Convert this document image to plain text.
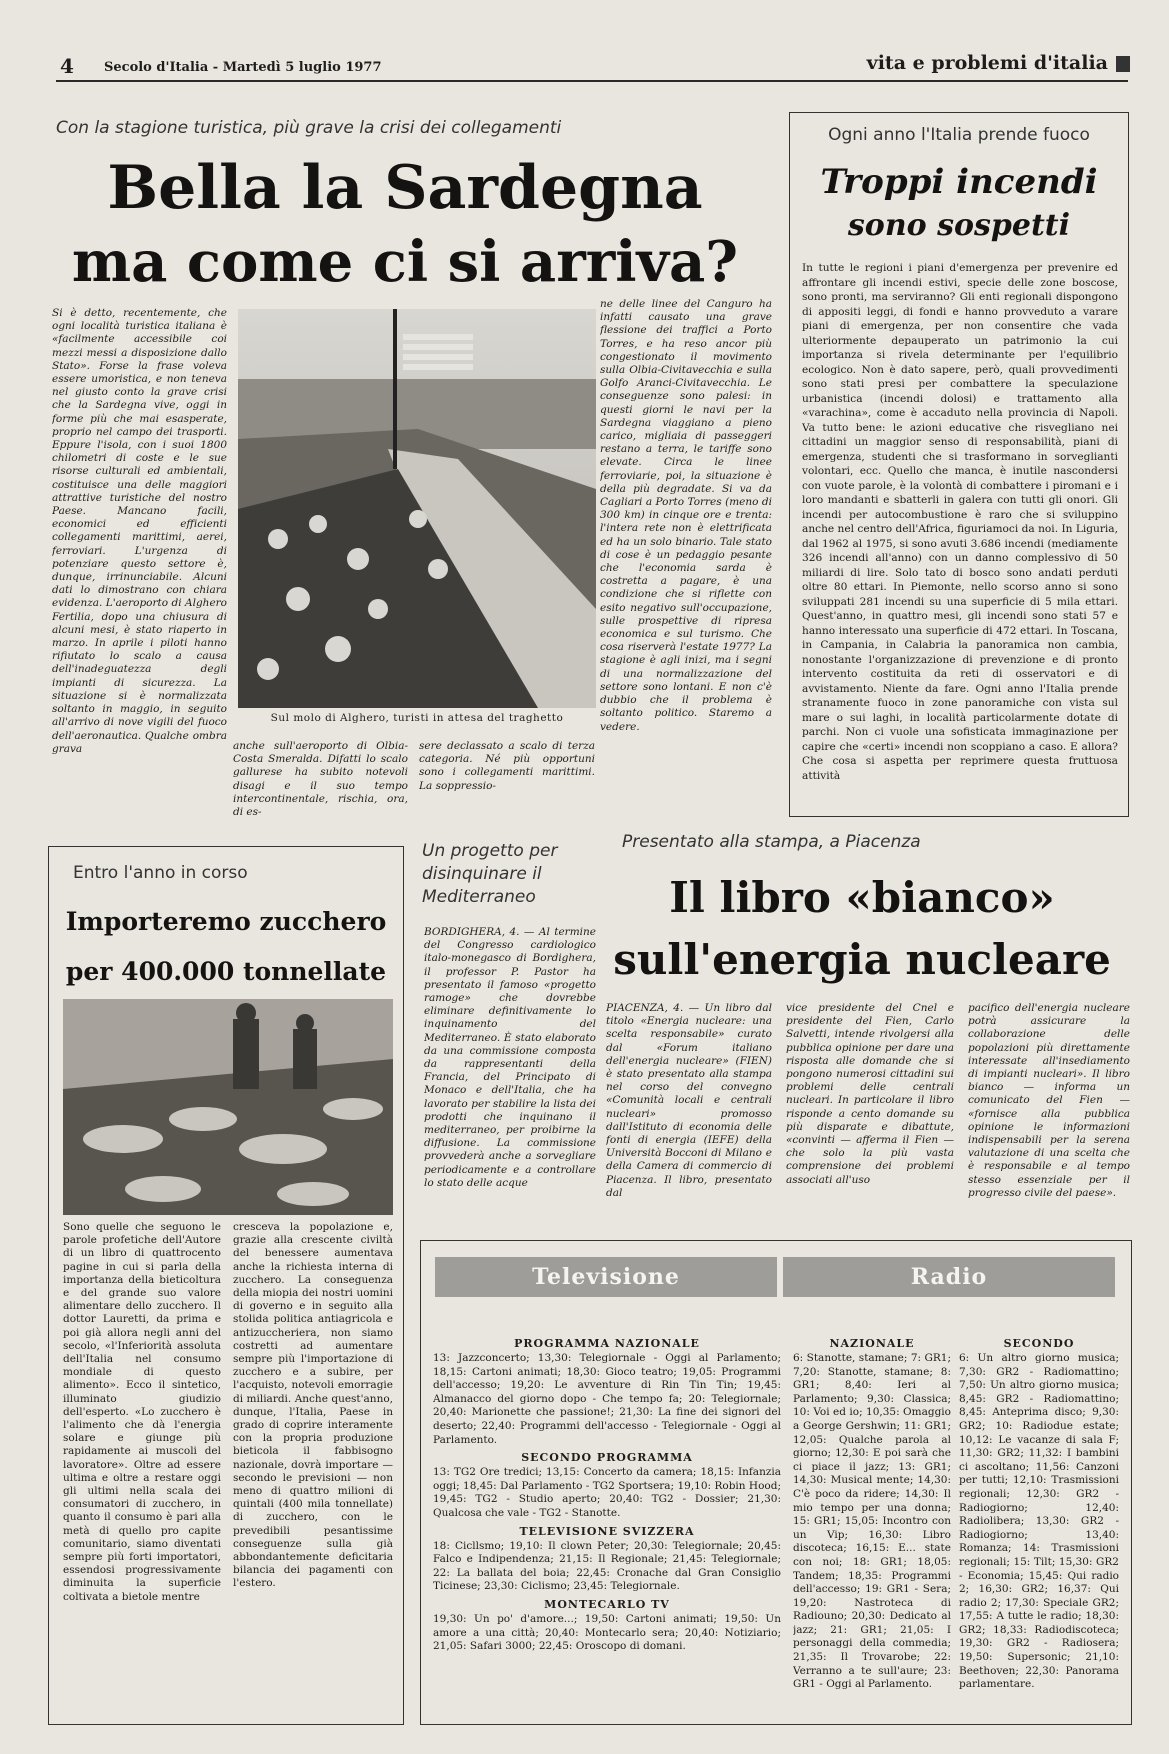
4 Secolo d'Italia - Martedì 5 luglio 1977	vita e problemi d'italia
Con la stagione turistica, più grave la crisi dei collegamenti
Bella la Sardegna
ma come ci si arriva?
Si è detto, recentemente, che ogni località turistica italiana è «facilmente accessibile coi mezzi messi a disposizione dallo Stato». Forse la frase voleva essere umoristica, e non teneva nel giusto conto la grave crisi che la Sardegna vive, oggi in forme più che mai esasperate, proprio nel campo dei trasporti. Eppure l'isola, con i suoi 1800 chilometri di coste e le sue risorse culturali ed ambientali, costituisce una delle maggiori attrattive turistiche del nostro Paese. Mancano facili, economici ed efficienti collegamenti marittimi, aerei, ferroviari. L'urgenza di potenziare questo settore è, dunque, irrinunciabile. Alcuni dati lo dimostrano con chiara evidenza. L'aeroporto di Alghero Fertilia, dopo una chiusura di alcuni mesi, è stato riaperto in marzo. In aprile i piloti hanno rifiutato lo scalo a causa dell'inadeguatezza degli impianti di sicurezza. La situazione si è normalizzata soltanto in maggio, in seguito all'arrivo di nove vigili del fuoco dell'aeronautica. Qualche ombra grava
Sul molo di Alghero, turisti in attesa del traghetto
anche sull'aeroporto di Olbia-Costa Smeralda. Difatti lo scalo gallurese ha subito notevoli disagi e il suo tempo intercontinentale, rischia, ora, di es-
sere declassato a scalo di terza categoria. Né più opportuni sono i collegamenti marittimi. La soppressio-
ne delle linee del Canguro ha infatti causato una grave flessione dei traffici a Porto Torres, e ha reso ancor più congestionato il movimento sulla Olbia-Civitavecchia e sulla Golfo Aranci-Civitavecchia. Le conseguenze sono palesi: in questi giorni le navi per la Sardegna viaggiano a pieno carico, migliaia di passeggeri restano a terra, le tariffe sono elevate. Circa le linee ferroviarie, poi, la situazione è della più degradate. Si va da Cagliari a Porto Torres (meno di 300 km) in cinque ore e trenta: l'intera rete non è elettrificata ed ha un solo binario. Tale stato di cose è un pedaggio pesante che l'economia sarda è costretta a pagare, è una condizione che si riflette con esito negativo sull'occupazione, sulle prospettive di ripresa economica e sul turismo. Che cosa riserverà l'estate 1977? La stagione è agli inizi, ma i segni di una normalizzazione del settore sono lontani. E non c'è dubbio che il problema è soltanto politico. Staremo a vedere.
Ogni anno l'Italia prende fuoco
Troppi incendi
sono sospetti
In tutte le regioni i piani d'emergenza per prevenire ed affrontare gli incendi estivi, specie delle zone boscose, sono pronti, ma serviranno? Gli enti regionali dispongono di appositi leggi, di fondi e hanno provveduto a varare piani di emergenza, per non consentire che vada ulteriormente depauperato un patrimonio la cui importanza si rivela determinante per l'equilibrio ecologico. Non è dato sapere, però, quali provvedimenti sono stati presi per combattere la speculazione urbanistica (incendi dolosi) e trattamento alla «varachina», come è accaduto nella provincia di Napoli. Va tutto bene: le azioni educative che risvegliano nei cittadini un maggior senso di responsabilità, piani di emergenza, studenti che si trasformano in sorveglianti volontari, ecc. Quello che manca, è inutile nascondersi con vuote parole, è la volontà di combattere i piromani e i loro mandanti e sbatterli in galera con tutti gli onori. Gli incendi per autocombustione è raro che si sviluppino anche nel centro dell'Africa, figuriamoci da noi. In Liguria, dal 1962 al 1975, si sono avuti 3.686 incendi (mediamente 326 incendi all'anno) con un danno complessivo di 50 miliardi di lire. Solo tato di bosco sono andati perduti oltre 80 ettari. In Piemonte, nello scorso anno si sono sviluppati 281 incendi su una superficie di 5 mila ettari. Quest'anno, in quattro mesi, gli incendi sono stati 57 e hanno interessato una superficie di 472 ettari. In Toscana, in Campania, in Calabria la panoramica non cambia, nonostante l'organizzazione di prevenzione e di pronto intervento costituita da reti di osservatori e di avvistamento. Niente da fare. Ogni anno l'Italia prende stranamente fuoco in zone panoramiche con vista sul mare o sui laghi, in località particolarmente dotate di parchi. Non ci vuole una sofisticata immaginazione per capire che «certi» incendi non scoppiano a caso. E allora? Che cosa si aspetta per reprimere questa fruttuosa attività
Entro l'anno in corso
Importeremo zucchero
per 400.000 tonnellate
Sono quelle che seguono le parole profetiche dell'Autore di un libro di quattrocento pagine in cui si parla della importanza della bieticoltura e del grande suo valore alimentare dello zucchero. Il dottor Lauretti, da prima e poi già allora negli anni del secolo, «l'Inferiorità assoluta dell'Italia nel consumo mondiale di questo alimento». Ecco il sintetico, illuminato giudizio dell'esperto. «Lo zucchero è l'alimento che dà l'energia solare e giunge più rapidamente ai muscoli del lavoratore». Oltre ad essere ultima e oltre a restare oggi gli ultimi nella scala dei consumatori di zucchero, in quanto il consumo è pari alla metà di quello pro capite comunitario, siamo diventati sempre più forti importatori, essendosi progressivamente diminuita la superficie coltivata a bietole mentre
cresceva la popolazione e, grazie alla crescente civiltà del benessere aumentava anche la richiesta interna di zucchero. La conseguenza della miopia dei nostri uomini di governo e in seguito alla stolida politica antiagricola e antizuccheriera, non siamo costretti ad aumentare sempre più l'importazione di zucchero e a subire, per l'acquisto, notevoli emorragie di miliardi. Anche quest'anno, dunque, l'Italia, Paese in grado di coprire interamente con la propria produzione bieticola il fabbisogno nazionale, dovrà importare — secondo le previsioni — non meno di quattro milioni di quintali (400 mila tonnellate) di zucchero, con le prevedibili pesantissime conseguenze sulla già abbondantemente deficitaria bilancia dei pagamenti con l'estero.
Un progetto per disinquinare il Mediterraneo
BORDIGHERA, 4. — Al termine del Congresso cardiologico italo-monegasco di Bordighera, il professor P. Pastor ha presentato il famoso «progetto ramoge» che dovrebbe eliminare definitivamente lo inquinamento del Mediterraneo. È stato elaborato da una commissione composta da rappresentanti della Francia, del Principato di Monaco e dell'Italia, che ha lavorato per stabilire la lista dei prodotti che inquinano il mediterraneo, per proibirne la diffusione. La commissione provvederà anche a sorvegliare periodicamente e a controllare lo stato delle acque
Presentato alla stampa, a Piacenza
Il libro «bianco»
sull'energia nucleare
PIACENZA, 4. — Un libro dal titolo «Energia nucleare: una scelta responsabile» curato dal «Forum italiano dell'energia nucleare» (FIEN) è stato presentato alla stampa nel corso del convegno «Comunità locali e centrali nucleari» promosso dall'Istituto di economia delle fonti di energia (IEFE) della Università Bocconi di Milano e della Camera di commercio di Piacenza. Il libro, presentato dal
vice presidente del Cnel e presidente del Fien, Carlo Salvetti, intende rivolgersi alla pubblica opinione per dare una risposta alle domande che si pongono numerosi cittadini sui problemi delle centrali nucleari. In particolare il libro risponde a cento domande su più disparate e dibattute, «convinti — afferma il Fien — che solo la più vasta comprensione dei problemi associati all'uso
pacifico dell'energia nucleare potrà assicurare la collaborazione delle popolazioni più direttamente interessate all'insediamento di impianti nucleari». Il libro bianco — informa un comunicato del Fien — «fornisce alla pubblica opinione le informazioni indispensabili per la serena valutazione di una scelta che è responsabile e al tempo stesso essenziale per il progresso civile del paese».
Televisione	Radio
PROGRAMMA NAZIONALE
13: Jazzconcerto; 13,30: Telegiornale - Oggi al Parlamento; 18,15: Cartoni animati; 18,30: Gioco teatro; 19,05: Programmi dell'accesso; 19,20: Le avventure di Rin Tin Tin; 19,45: Almanacco del giorno dopo - Che tempo fa; 20: Telegiornale; 20,40: Marionette che passione!; 21,30: La fine dei signori del deserto; 22,40: Programmi dell'accesso - Telegiornale - Oggi al Parlamento.
SECONDO PROGRAMMA
13: TG2 Ore tredici; 13,15: Concerto da camera; 18,15: Infanzia oggi; 18,45: Dal Parlamento - TG2 Sportsera; 19,10: Robin Hood; 19,45: TG2 - Studio aperto; 20,40: TG2 - Dossier; 21,30: Qualcosa che vale - TG2 - Stanotte.
TELEVISIONE SVIZZERA
18: Cicllsmo; 19,10: Il clown Peter; 20,30: Telegiornale; 20,45: Falco e Indipendenza; 21,15: Il Regionale; 21,45: Telegiornale; 22: La ballata del boia; 22,45: Cronache dal Gran Consiglio Ticinese; 23,30: Ciclismo; 23,45: Telegiornale.
MONTECARLO TV
19,30: Un po' d'amore...; 19,50: Cartoni animati; 19,50: Un amore a una città; 20,40: Montecarlo sera; 20,40: Notiziario; 21,05: Safari 3000; 22,45: Oroscopo di domani.
NAZIONALE
6: Stanotte, stamane; 7: GR1; 7,20: Stanotte, stamane; 8: GR1; 8,40: Ieri al Parlamento; 9,30: Classica; 10: Voi ed io; 10,35: Omaggio a George Gershwin; 11: GR1; 12,05: Qualche parola al giorno; 12,30: E poi sarà che ci piace il jazz; 13: GR1; 14,30: Musical mente; 14,30: C'è poco da ridere; 14,30: Il mio tempo per una donna; 15: GR1; 15,05: Incontro con un Vip; 16,30: Libro discoteca; 16,15: E... state con noi; 18: GR1; 18,05: Tandem; 18,35: Programmi dell'accesso; 19: GR1 - Sera; 19,20: Nastroteca di Radiouno; 20,30: Dedicato al jazz; 21: GR1; 21,05: I personaggi della commedia; 21,35: Il Trovarobe; 22: Verranno a te sull'aure; 23: GR1 - Oggi al Parlamento.
SECONDO
6: Un altro giorno musica; 7,30: GR2 - Radiomattino; 7,50: Un altro giorno musica; 8,45: GR2 - Radiomattino; 8,45: Anteprima disco; 9,30: GR2; 10: Radiodue estate; 10,12: Le vacanze di sala F; 11,30: GR2; 11,32: I bambini ci ascoltano; 11,56: Canzoni per tutti; 12,10: Trasmissioni regionali; 12,30: GR2 - Radiogiorno; 12,40: Radiolibera; 13,30: GR2 - Radiogiorno; 13,40: Romanza; 14: Trasmissioni regionali; 15: Tilt; 15,30: GR2 - Economia; 15,45: Qui radio 2; 16,30: GR2; 16,37: Qui radio 2; 17,30: Speciale GR2; 17,55: A tutte le radio; 18,30: GR2; 18,33: Radiodiscoteca; 19,30: GR2 - Radiosera; 19,50: Supersonic; 21,10: Beethoven; 22,30: Panorama parlamentare.
